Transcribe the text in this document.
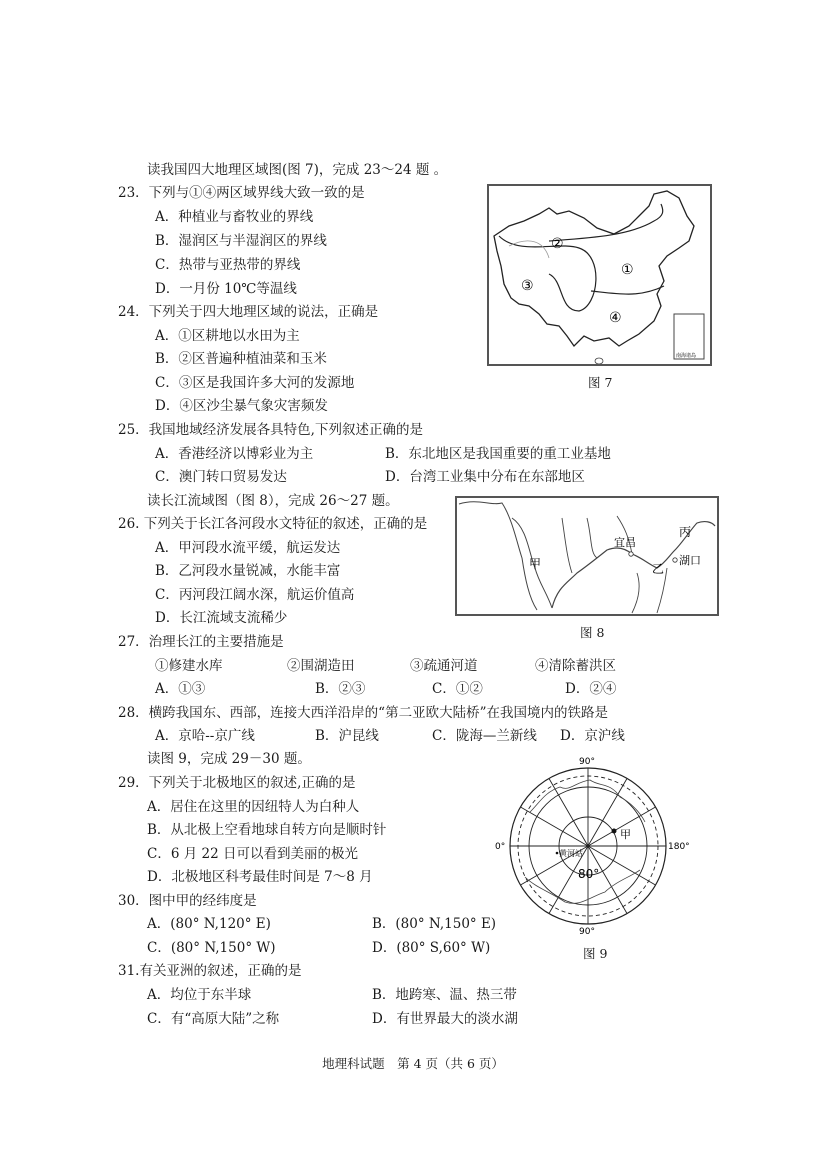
读我国四大地理区域图(图 7)，完成 23～24 题 。
23．下列与①④两区域界线大致一致的是
A．种植业与畜牧业的界线
B．湿润区与半湿润区的界线
C．热带与亚热带的界线
D．一月份 10℃等温线
24．下列关于四大地理区域的说法，正确是
A．①区耕地以水田为主
B．②区普遍种植油菜和玉米
C．③区是我国许多大河的发源地
D．④区沙尘暴气象灾害频发
①
②
③
④
南海诸岛
图 7
25．我国地域经济发展各具特色,下列叙述正确的是
A．香港经济以博彩业为主	B．东北地区是我国重要的重工业基地
C．澳门转口贸易发达	D．台湾工业集中分布在东部地区
读长江流域图（图 8），完成 26～27 题。
26. 下列关于长江各河段水文特征的叙述，正确的是
A．甲河段水流平缓，航运发达
B．乙河段水量锐减，水能丰富
C．丙河段江阔水深，航运价值高
D．长江流域支流稀少
甲	乙
丙
宜昌
湖口
图 8
27．治理长江的主要措施是
①修建水库	②围湖造田	③疏通河道	④清除蓄洪区
A．①③	B．②③	C．①②	D．②④
28．横跨我国东、西部，连接大西洋沿岸的“第二亚欧大陆桥”在我国境内的铁路是
A．京哈--京广线	B．沪昆线	C．陇海—兰新线 D．京沪线
读图 9，完成 29－30 题。
29．下列关于北极地区的叙述,正确的是
A．居住在这里的因纽特人为白种人
B．从北极上空看地球自转方向是顺时针
C．6 月 22 日可以看到美丽的极光
D．北极地区科考最佳时间是 7～8 月
30．图中甲的经纬度是
A．(80° N,120° E)	B．(80° N,150° E)
C．(80° N,150° W)	D．(80° S,60° W)
90°
90°
0°	180°
80°
黄河站
甲
图 9
31.有关亚洲的叙述，正确的是
A．均位于东半球	B．地跨寒、温、热三带
C．有“高原大陆”之称	D．有世界最大的淡水湖
地理科试题　第 4 页（共 6 页）
